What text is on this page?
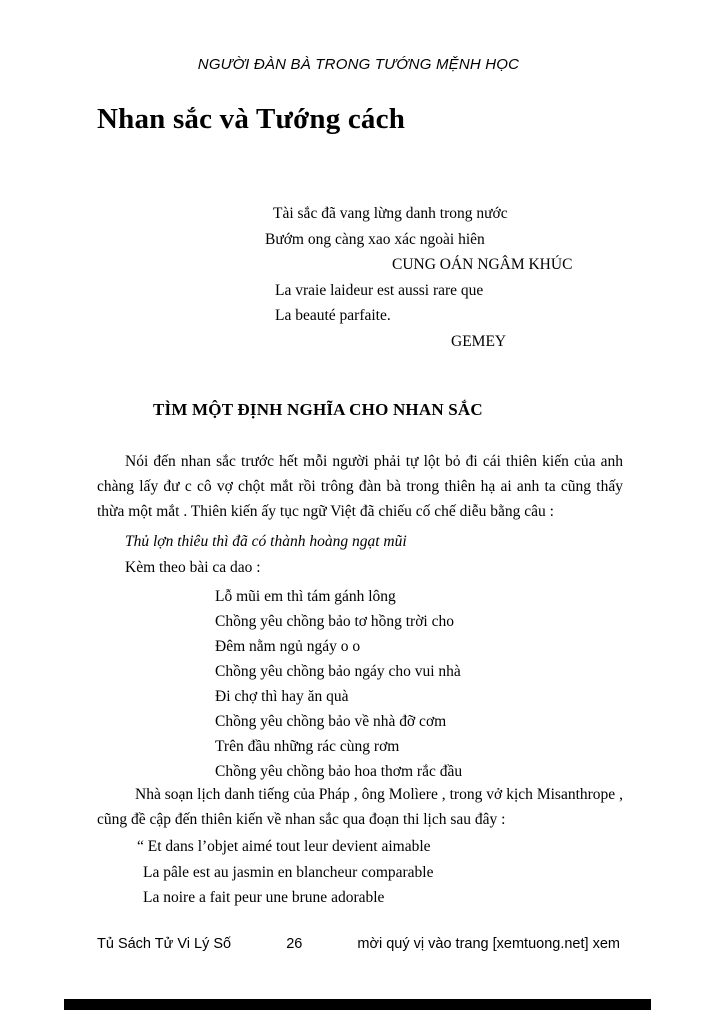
NGƯỜI ĐÀN BÀ TRONG TƯỚNG MỆNH HỌC
Nhan sắc và Tướng cách
Tài sắc đã vang lừng danh trong nước
Bướm ong càng xao xác ngoài hiên
CUNG OÁN NGÂM KHÚC
La vraie laideur est aussi rare que
La beauté parfaite.
GEMEY
TÌM MỘT ĐỊNH NGHĨA CHO NHAN SẮC
Nói đến nhan sắc trước hết mỗi người phải tự lột bỏ đi cái thiên kiến của anh
chàng lấy đư c cô vợ chột mắt rồi trông đàn bà trong thiên hạ ai anh ta cũng thấy
thừa một mắt . Thiên kiến ấy tục ngữ Việt đã chiếu cố chế diễu bằng câu :
Thủ lợn thiêu thì đã có thành hoàng ngạt mũi
Kèm theo bài ca dao :
Lỗ mũi em thì tám gánh lông
Chồng yêu chồng bảo tơ hồng trời cho
Đêm nằm ngủ ngáy o o
Chồng yêu chồng bảo ngáy cho vui nhà
Đi chợ thì hay ăn quà
Chồng yêu chồng bảo về nhà đỡ cơm
Trên đầu những rác cùng rơm
Chồng yêu chồng bảo hoa thơm rắc đầu
Nhà soạn lịch danh tiếng của Pháp , ông Molìere , trong vở kịch Misanthrope ,
cũng đề cập đến thiên kiến về nhan sắc qua đoạn thi lịch sau đây :
“ Et dans l’objet aimé tout leur devient aimable
La pâle est au jasmin en blancheur comparable
La noire a fait peur une brune adorable
Tủ Sách Tử Vi Lý Số	26	mời quý vị vào trang [xemtuong.net] xem
